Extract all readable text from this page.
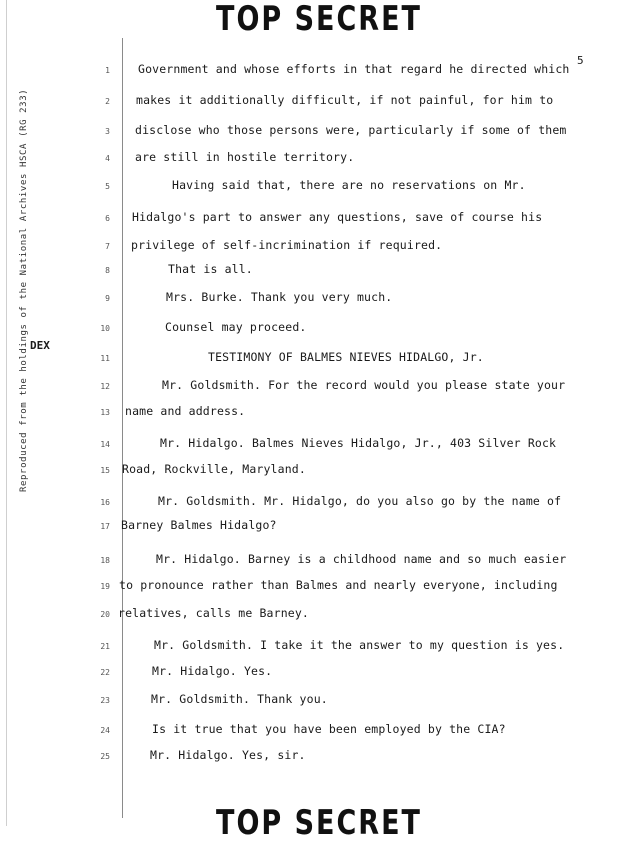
TOP SECRET
5
Reproduced from the holdings of the National Archives HSCA (RG 233) DEX
1 Government and whose efforts in that regard he directed which
2 makes it additionally difficult, if not painful, for him to
3 disclose who those persons were, particularly if some of them
4 are still in hostile territory.
5	Having said that, there are no reservations on Mr.
6 Hidalgo's part to answer any questions, save of course his
7 privilege of self-incrimination if required.
8	That is all.
9	Mrs. Burke. Thank you very much.
10	Counsel may proceed.
11	TESTIMONY OF BALMES NIEVES HIDALGO, Jr.
12	Mr. Goldsmith. For the record would you please state your
13 name and address.
14	Mr. Hidalgo. Balmes Nieves Hidalgo, Jr., 403 Silver Rock
15 Road, Rockville, Maryland.
16	Mr. Goldsmith. Mr. Hidalgo, do you also go by the name of
17 Barney Balmes Hidalgo?
18	Mr. Hidalgo. Barney is a childhood name and so much easier
19 to pronounce rather than Balmes and nearly everyone, including
20 relatives, calls me Barney.
21	Mr. Goldsmith. I take it the answer to my question is yes.
22	Mr. Hidalgo. Yes.
23	Mr. Goldsmith. Thank you.
24	Is it true that you have been employed by the CIA?
25	Mr. Hidalgo. Yes, sir.
TOP SECRET
